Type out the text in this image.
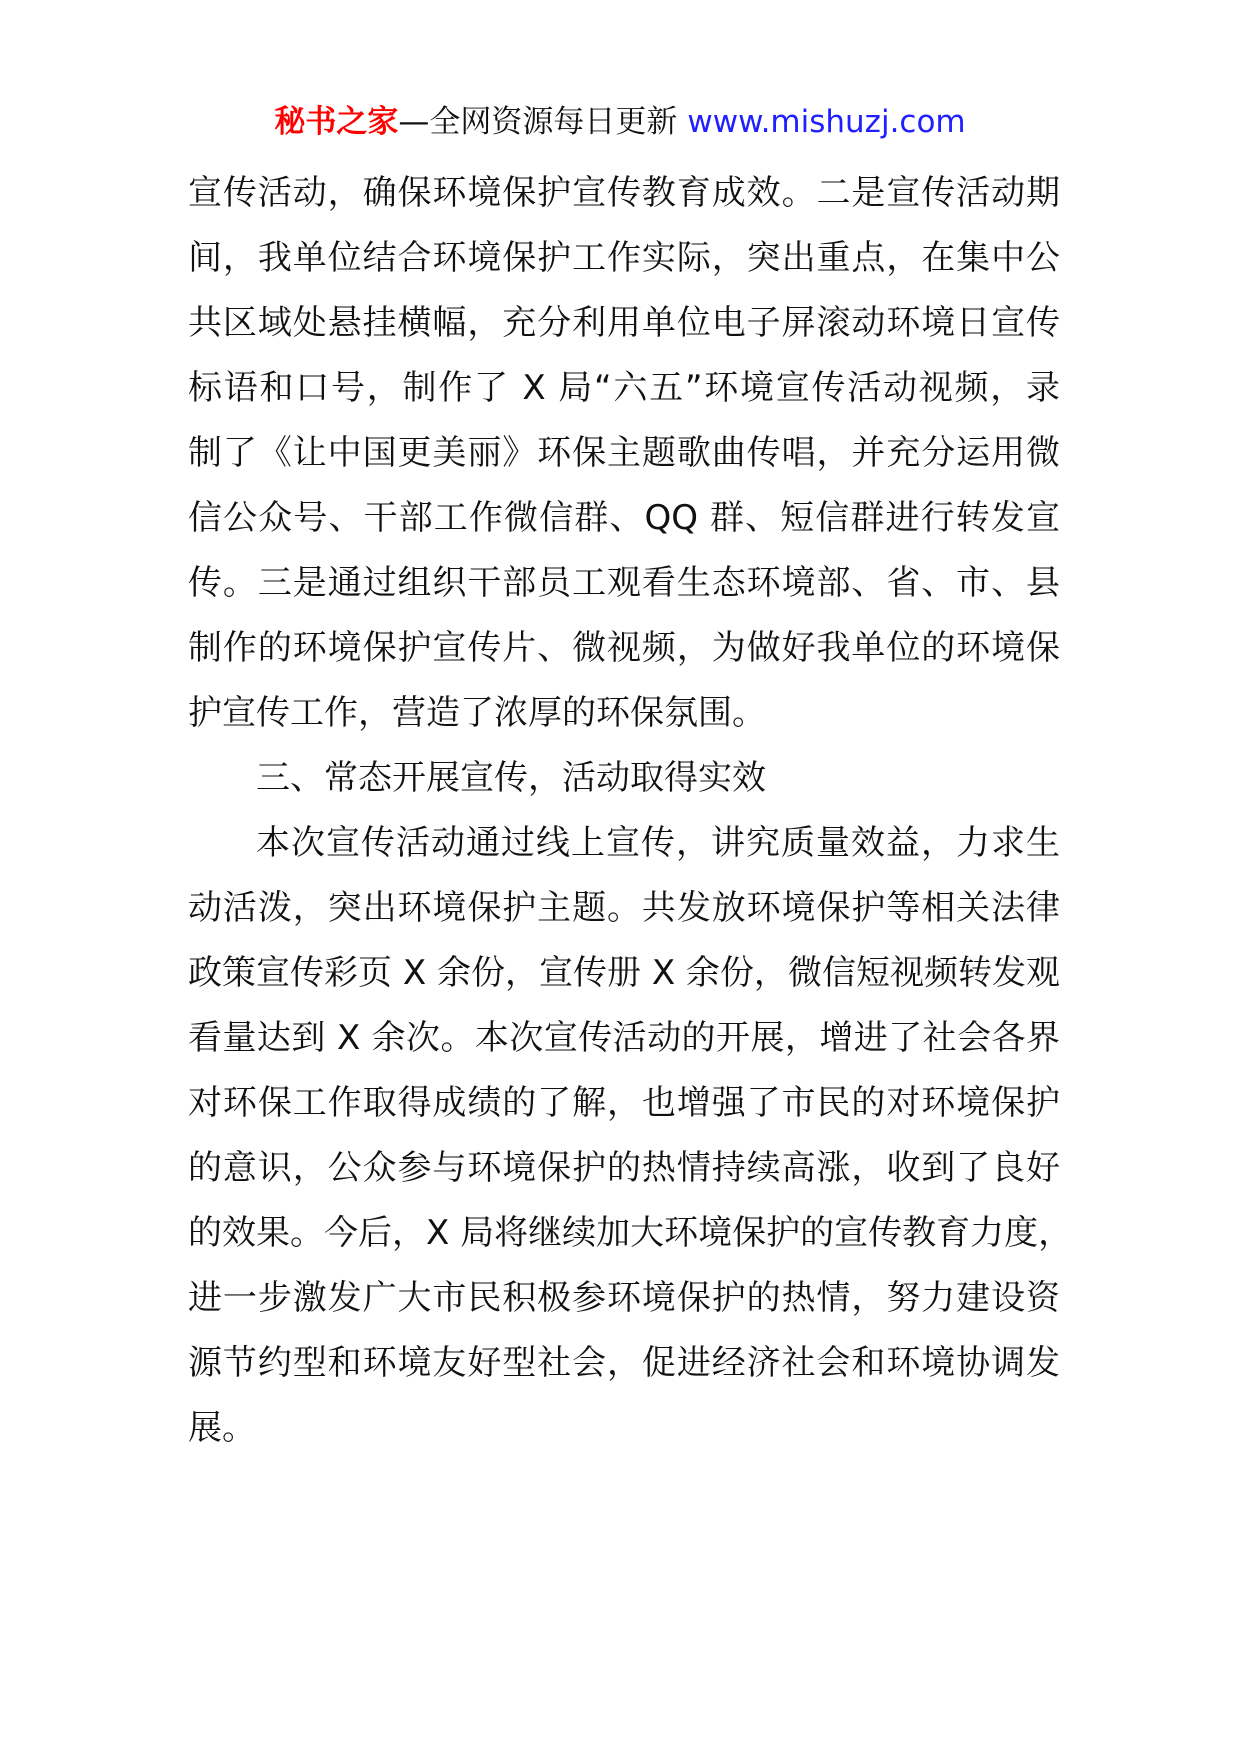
秘书之家—全网资源每日更新 www.mishuzj.com
宣传活动，确保环境保护宣传教育成效。二是宣传活动期
间，我单位结合环境保护工作实际，突出重点，在集中公
共区域处悬挂横幅，充分利用单位电子屏滚动环境日宣传
标语和口号，制作了 X 局“六五”环境宣传活动视频，录
制了《让中国更美丽》环保主题歌曲传唱，并充分运用微
信公众号、干部工作微信群、QQ 群、短信群进行转发宣
传。三是通过组织干部员工观看生态环境部、省、市、县
制作的环境保护宣传片、微视频，为做好我单位的环境保
护宣传工作，营造了浓厚的环保氛围。
三、常态开展宣传，活动取得实效
本次宣传活动通过线上宣传，讲究质量效益，力求生
动活泼，突出环境保护主题。共发放环境保护等相关法律
政策宣传彩页 X 余份，宣传册 X 余份，微信短视频转发观
看量达到 X 余次。本次宣传活动的开展，增进了社会各界
对环保工作取得成绩的了解，也增强了市民的对环境保护
的意识，公众参与环境保护的热情持续高涨，收到了良好
的效果。今后，X 局将继续加大环境保护的宣传教育力度，
进一步激发广大市民积极参环境保护的热情，努力建设资
源节约型和环境友好型社会，促进经济社会和环境协调发
展。
